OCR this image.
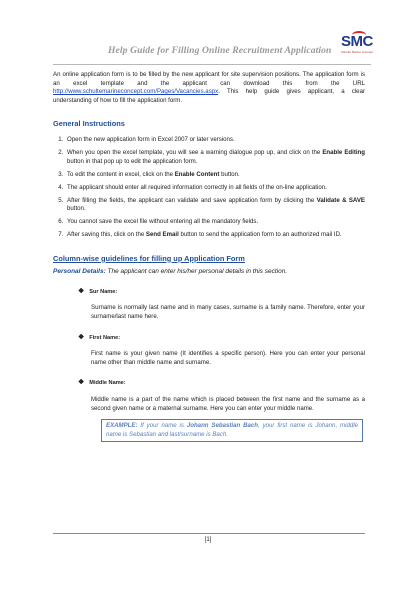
Help Guide for Filling Online Recruitment Application
SMC
Schulte Marine Concept

An online application form is to be filled by the new applicant for site supervision positions. The application form is an excel template and the applicant can download this from the URL http://www.schultemarineconcept.com/Pages/Vacancies.aspx. This help guide gives applicant, a clear understanding of how to fill the application form.

General Instructions
1. Open the new application form in Excel 2007 or later versions.
2. When you open the excel template, you will see a warning dialogue pop up, and click on the Enable Editing button in that pop up to edit the application form.
3. To edit the content in excel, click on the Enable Content button.
4. The applicant should enter all required information correctly in all fields of the on-line application.
5. After filling the fields, the applicant can validate and save application form by clicking the Validate & SAVE button.
6. You cannot save the excel file without entering all the mandatory fields.
7. After saving this, click on the Send Email button to send the application form to an authorized mail ID.
Column-wise guidelines for filling up Application Form

Personal Details: The applicant can enter his/her personal details in this section.

❖ Sur Name:

Surname is normally last name and in many cases, surname is a family name. Therefore, enter your surname/last name here.

❖ First Name:

First name is your given name (It identifies a specific person). Here you can enter your personal name other than middle name and surname.

❖ Middle Name:

Middle name is a part of the name which is placed between the first name and the surname as a second given name or a maternal surname. Here you can enter your middle name.

EXAMPLE: If your name is Johann Sebastian Bach, your first name is Johann, middle name is Sebastian and last/surname is Bach.
[1]
